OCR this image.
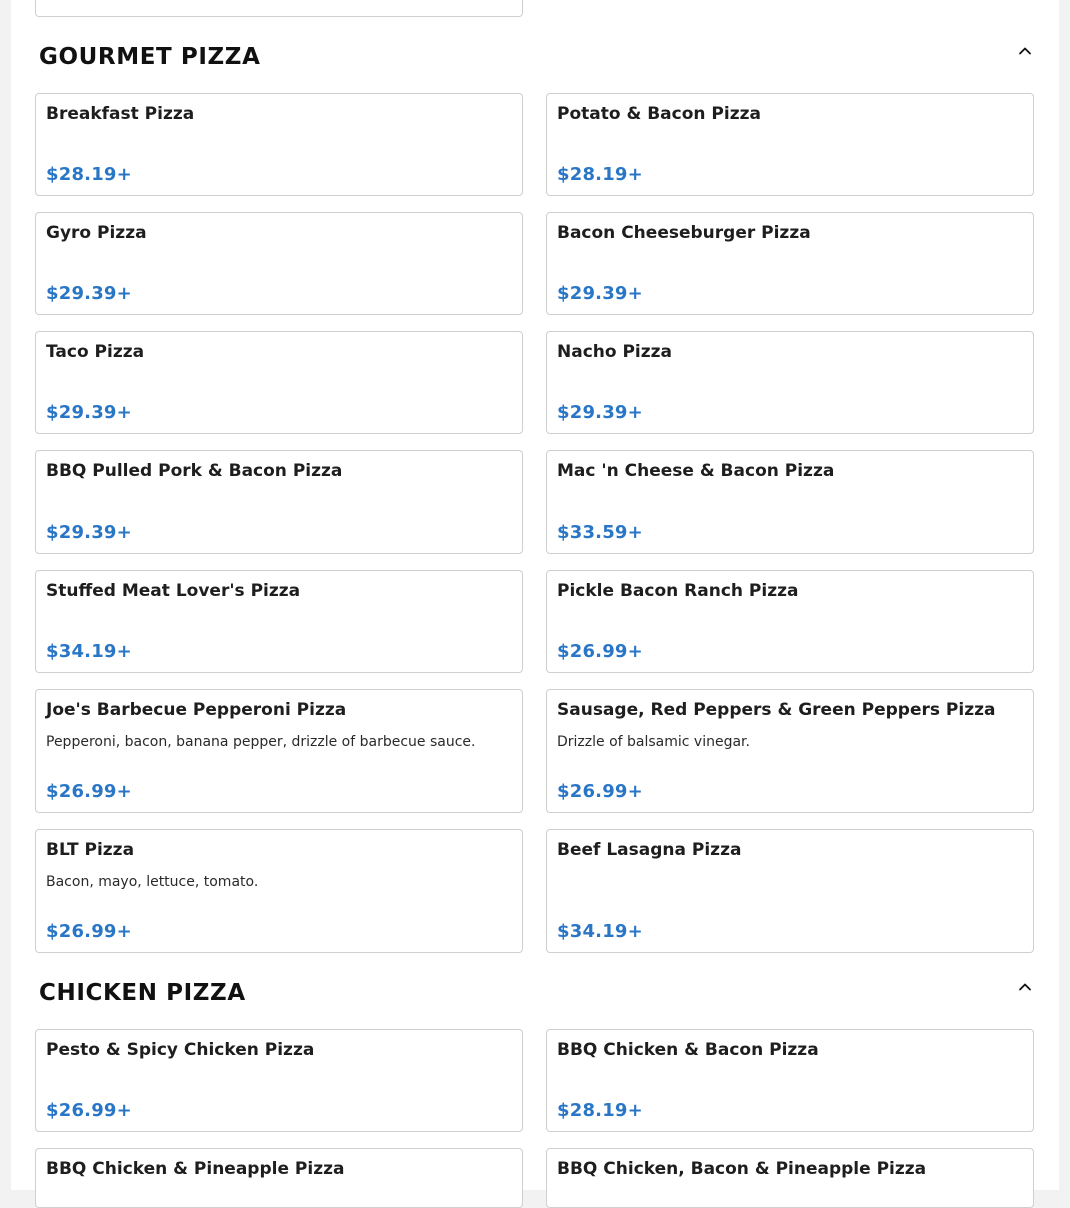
GOURMET PIZZA
Breakfast Pizza
$28.19+
Potato & Bacon Pizza
$28.19+
Gyro Pizza
$29.39+
Bacon Cheeseburger Pizza
$29.39+
Taco Pizza
$29.39+
Nacho Pizza
$29.39+
BBQ Pulled Pork & Bacon Pizza
$29.39+
Mac 'n Cheese & Bacon Pizza
$33.59+
Stuffed Meat Lover's Pizza
$34.19+
Pickle Bacon Ranch Pizza
$26.99+
Joe's Barbecue Pepperoni Pizza
Pepperoni, bacon, banana pepper, drizzle of barbecue sauce.
$26.99+
Sausage, Red Peppers & Green Peppers Pizza
Drizzle of balsamic vinegar.
$26.99+
BLT Pizza
Bacon, mayo, lettuce, tomato.
$26.99+
Beef Lasagna Pizza
$34.19+
CHICKEN PIZZA
Pesto & Spicy Chicken Pizza
$26.99+
BBQ Chicken & Bacon Pizza
$28.19+
BBQ Chicken & Pineapple Pizza	BBQ Chicken, Bacon & Pineapple Pizza
